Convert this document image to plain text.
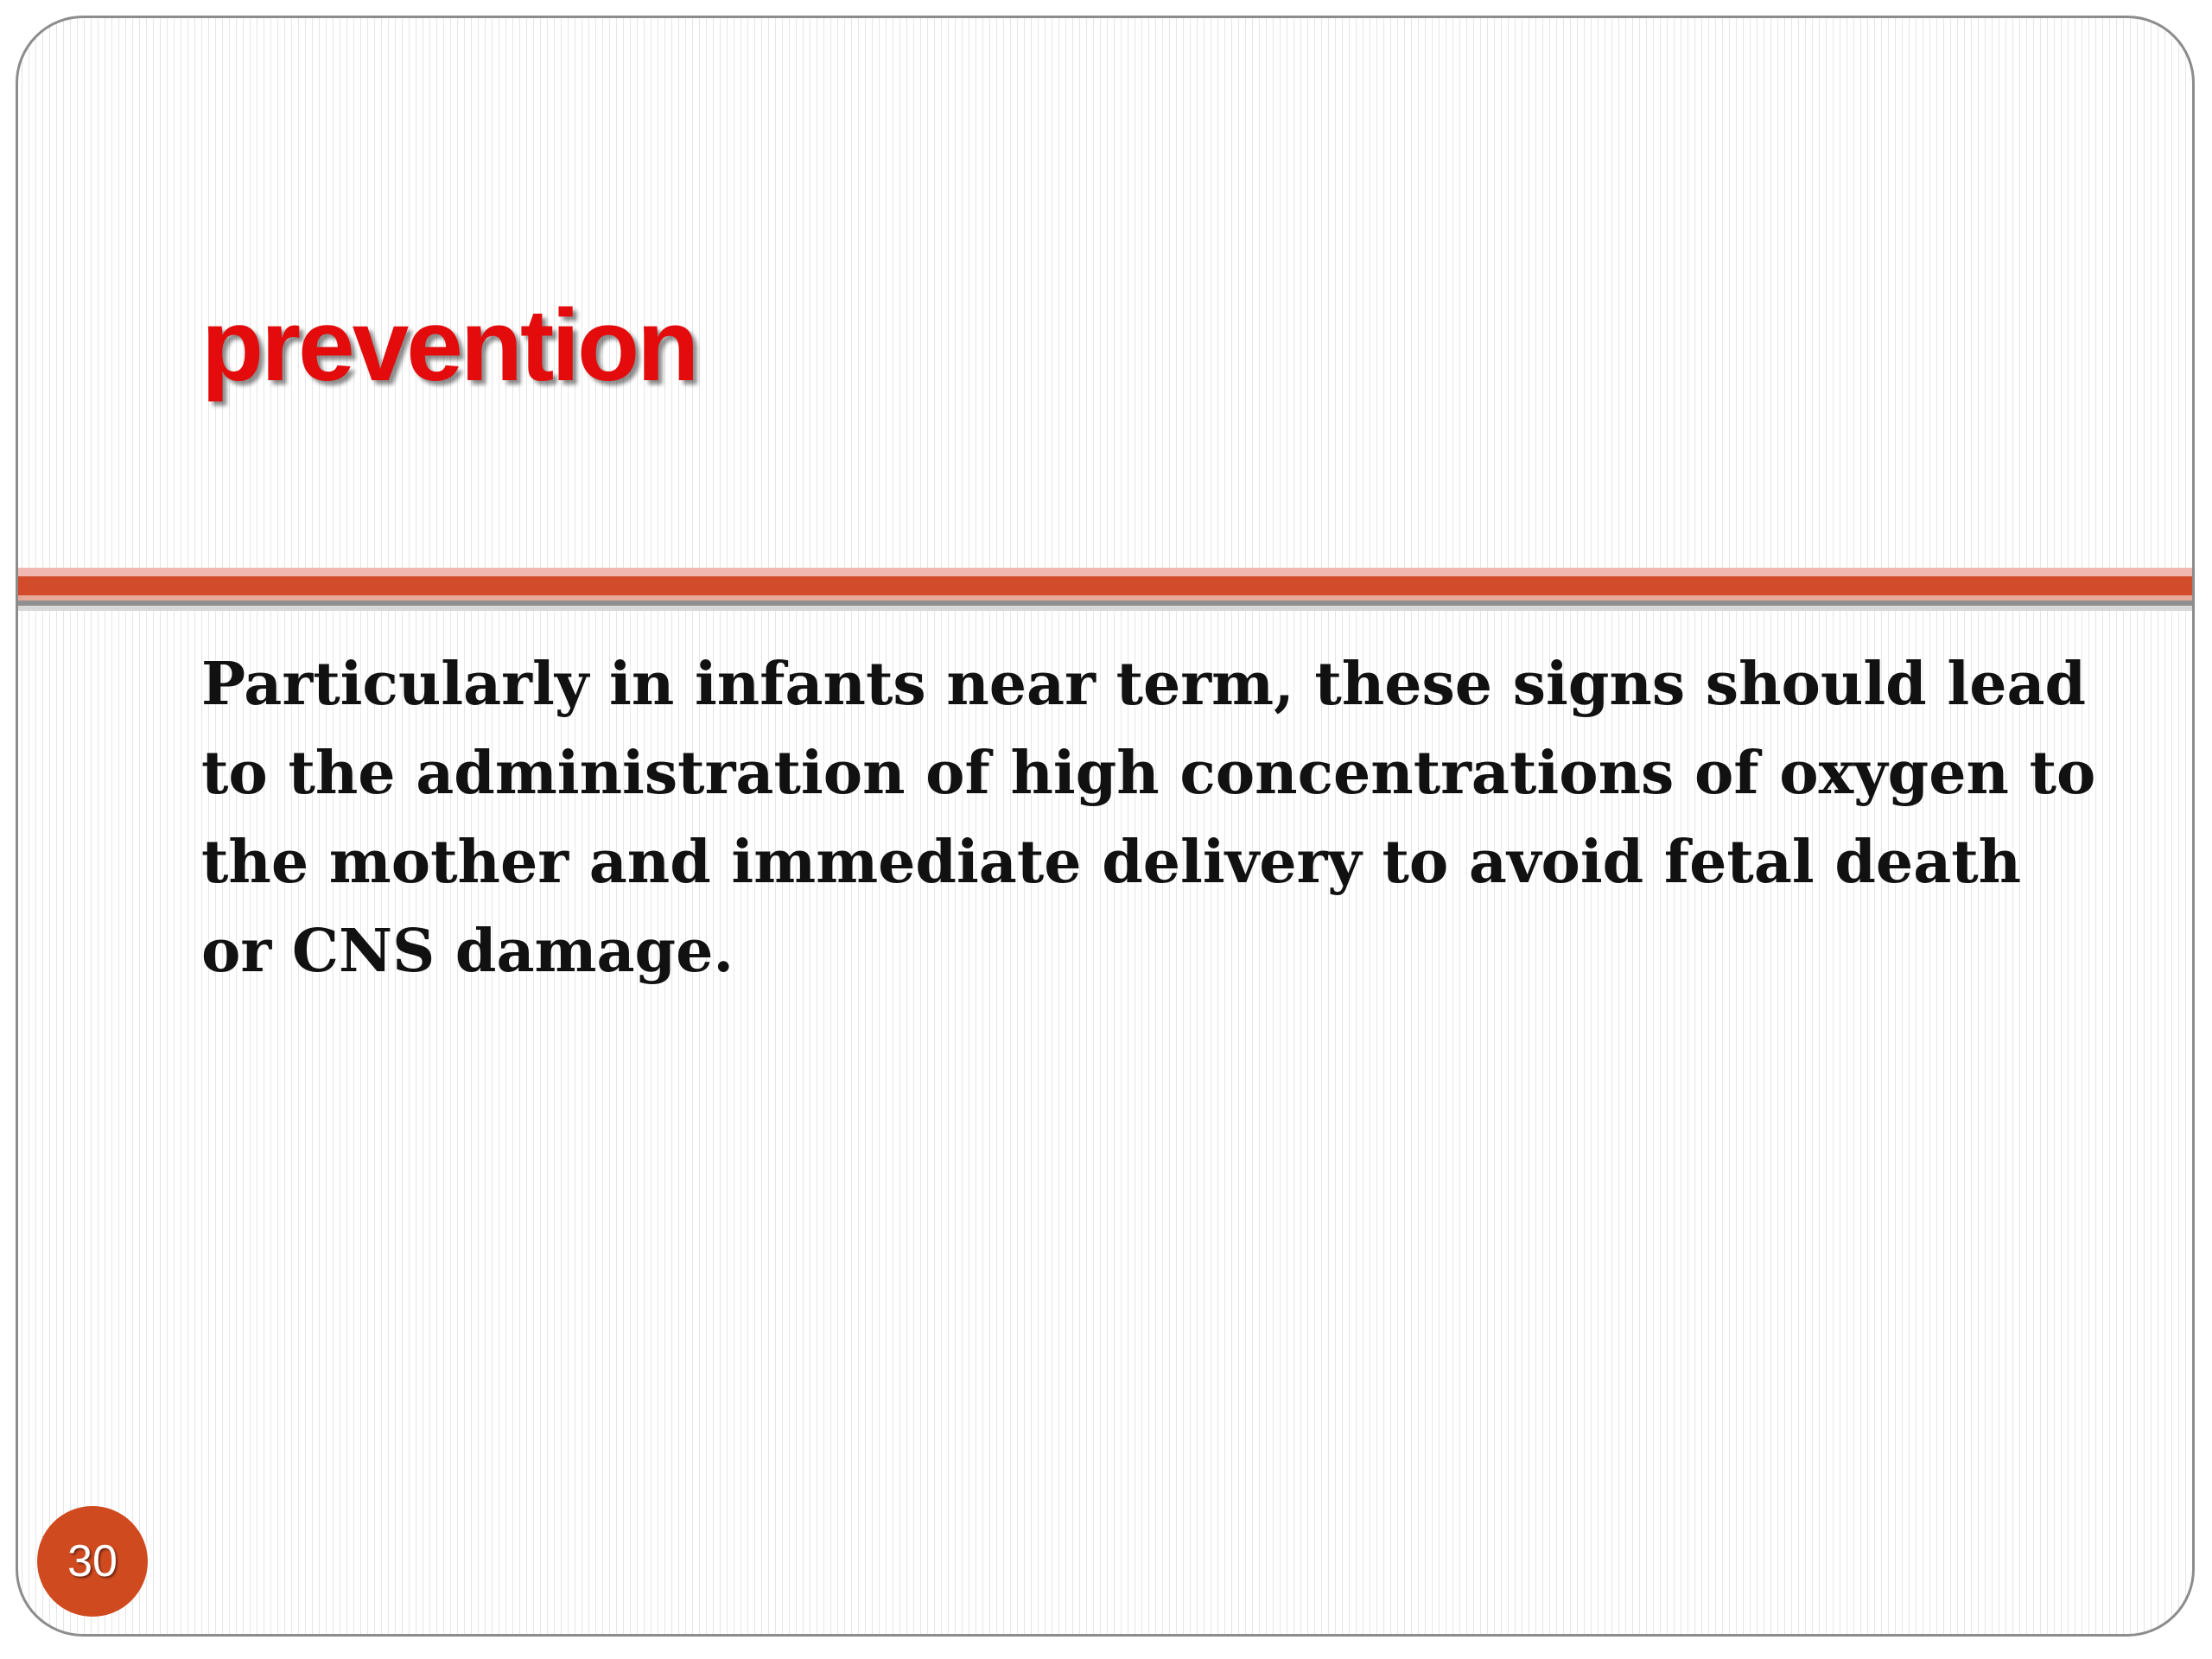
prevention

Particularly in infants near term, these signs should lead to the administration of high concentrations of oxygen to the mother and immediate delivery to avoid fetal death or CNS damage.

30
